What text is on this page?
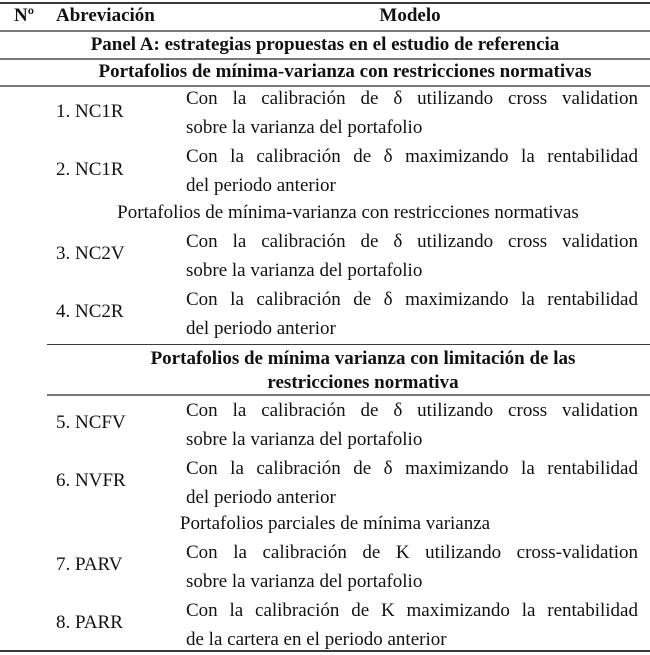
Nº Abreviación	Modelo
Panel A: estrategias propuestas en el estudio de referencia
Portafolios de mínima-varianza con restricciones normativas
1. NC1R
Con la calibración de δ utilizando cross validation
sobre la varianza del portafolio
2. NC1R
Con la calibración de δ maximizando la rentabilidad
del periodo anterior
Portafolios de mínima-varianza con restricciones normativas
3. NC2V
Con la calibración de δ utilizando cross validation
sobre la varianza del portafolio
4. NC2R
Con la calibración de δ maximizando la rentabilidad
del periodo anterior
Portafolios de mínima varianza con limitación de las
restricciones normativa
5. NCFV
Con la calibración de δ utilizando cross validation
sobre la varianza del portafolio
6. NVFR
Con la calibración de δ maximizando la rentabilidad
del periodo anterior
Portafolios parciales de mínima varianza
7. PARV
Con la calibración de K utilizando cross-validation
sobre la varianza del portafolio
8. PARR
Con la calibración de K maximizando la rentabilidad
de la cartera en el periodo anterior
